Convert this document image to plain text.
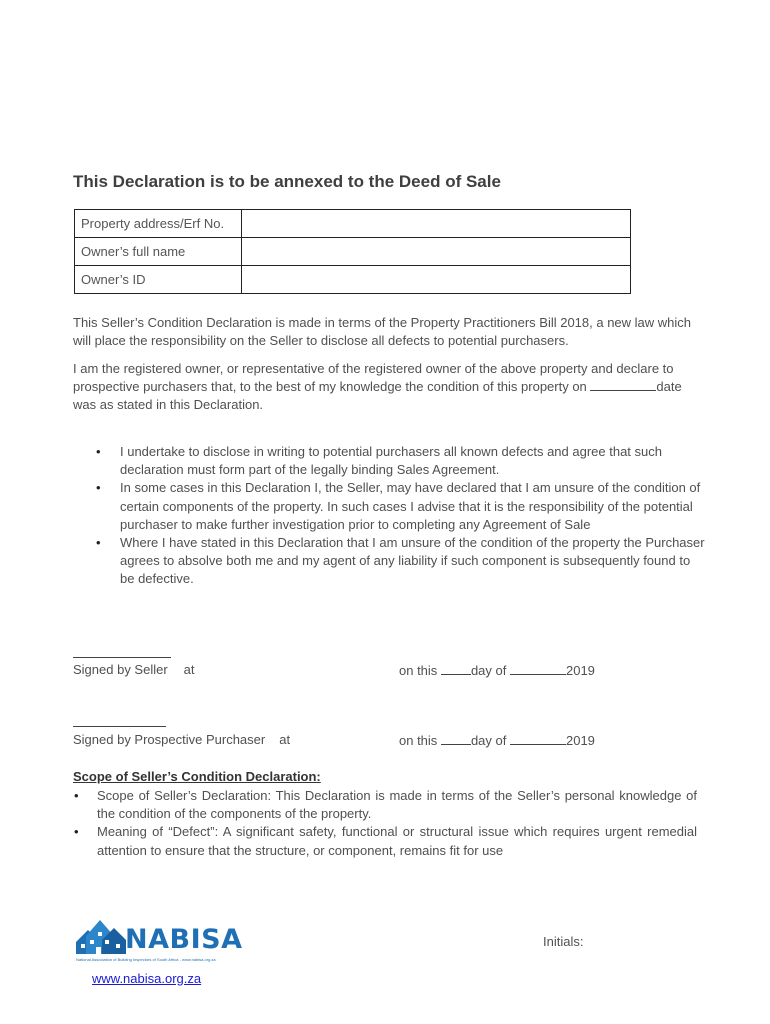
This Declaration is to be annexed to the Deed of Sale
Property address/Erf No.	
Owner’s full name	
Owner’s ID	
This Seller’s Condition Declaration is made in terms of the Property Practitioners Bill 2018, a new law which will place the responsibility on the Seller to disclose all defects to potential purchasers.
I am the registered owner, or representative of the registered owner of the above property and declare to prospective purchasers that, to the best of my knowledge the condition of this property on	date was as stated in this Declaration.
• I undertake to disclose in writing to potential purchasers all known defects and agree that such declaration must form part of the legally binding Sales Agreement.
• In some cases in this Declaration I, the Seller, may have declared that I am unsure of the condition of certain components of the property. In such cases I advise that it is the responsibility of the potential purchaser to make further investigation prior to completing any Agreement of Sale
• Where I have stated in this Declaration that I am unsure of the condition of the property the Purchaser agrees to absolve both me and my agent of any liability if such component is subsequently found to be defective.
Signed by Seller at	on this	day of	2019
Signed by Prospective Purchaser at	on this	day of	2019
Scope of Seller’s Condition Declaration:
• Scope of Seller’s Declaration: This Declaration is made in terms of the Seller’s personal knowledge of the condition of the components of the property.
• Meaning of “Defect”: A significant safety, functional or structural issue which requires urgent remedial attention to ensure that the structure, or component, remains fit for use
NABISA
National Association of Building Inspectors of South Africa - www.nabisa.org.za
Initials:
www.nabisa.org.za
